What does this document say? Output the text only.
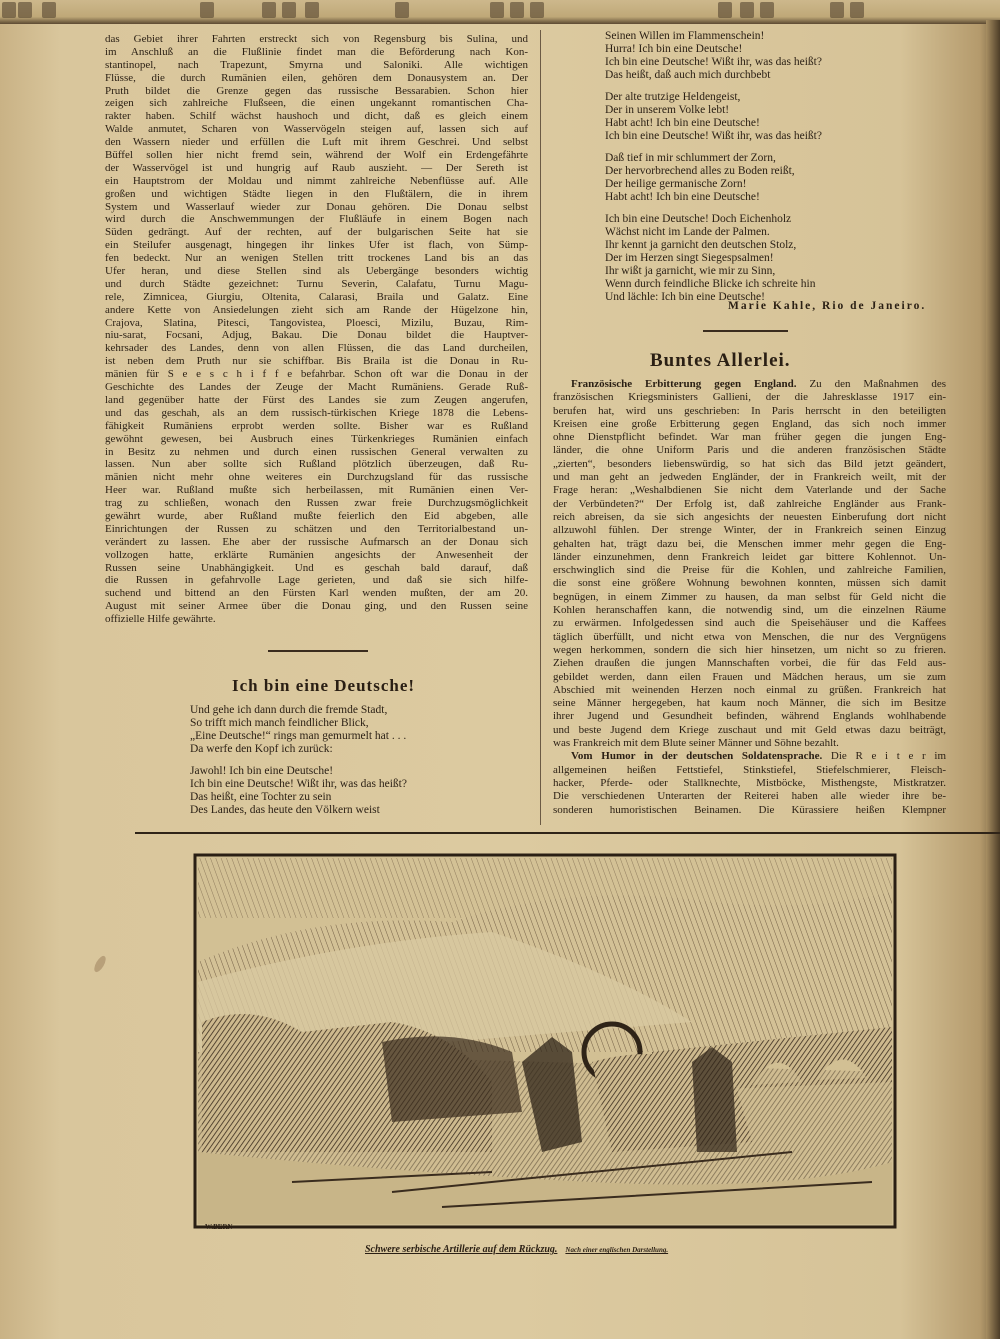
das Gebiet ihrer Fahrten erstreckt sich von Regensburg bis Sulina, und
im Anschluß an die Flußlinie findet man die Beförderung nach Kon-
stantinopel, nach Trapezunt, Smyrna und Saloniki. Alle wichtigen
Flüsse, die durch Rumänien eilen, gehören dem Donausystem an. Der
Pruth bildet die Grenze gegen das russische Bessarabien. Schon hier
zeigen sich zahlreiche Flußseen, die einen ungekannt romantischen Cha-
rakter haben. Schilf wächst haushoch und dicht, daß es gleich einem
Walde anmutet, Scharen von Wasservögeln steigen auf, lassen sich auf
den Wassern nieder und erfüllen die Luft mit ihrem Geschrei. Und selbst
Büffel sollen hier nicht fremd sein, während der Wolf ein Erdengefährte
der Wasservögel ist und hungrig auf Raub auszieht. — Der Sereth ist
ein Hauptstrom der Moldau und nimmt zahlreiche Nebenflüsse auf. Alle
großen und wichtigen Städte liegen in den Flußtälern, die in ihrem
System und Wasserlauf wieder zur Donau gehören. Die Donau selbst
wird durch die Anschwemmungen der Flußläufe in einem Bogen nach
Süden gedrängt. Auf der rechten, auf der bulgarischen Seite hat sie
ein Steilufer ausgenagt, hingegen ihr linkes Ufer ist flach, von Sümp-
fen bedeckt. Nur an wenigen Stellen tritt trockenes Land bis an das
Ufer heran, und diese Stellen sind als Uebergänge besonders wichtig
und durch Städte gezeichnet: Turnu Severin, Calafatu, Turnu Magu-
rele, Zimnicea, Giurgiu, Oltenita, Calarasi, Braila und Galatz. Eine
andere Kette von Ansiedelungen zieht sich am Rande der Hügelzone hin,
Crajova, Slatina, Pitesci, Tangovistea, Ploesci, Mizilu, Buzau, Rim-
niu-sarat, Focsani, Adjug, Bakau. Die Donau bildet die Hauptver-
kehrsader des Landes, denn von allen Flüssen, die das Land durcheilen,
ist neben dem Pruth nur sie schiffbar. Bis Braila ist die Donau in Ru-
mänien für S e e s c h i f f e befahrbar. Schon oft war die Donau in der
Geschichte des Landes der Zeuge der Macht Rumäniens. Gerade Ruß-
land gegenüber hatte der Fürst des Landes sie zum Zeugen angerufen,
und das geschah, als an dem russisch-türkischen Kriege 1878 die Lebens-
fähigkeit Rumäniens erprobt werden sollte. Bisher war es Rußland
gewöhnt gewesen, bei Ausbruch eines Türkenkrieges Rumänien einfach
in Besitz zu nehmen und durch einen russischen General verwalten zu
lassen. Nun aber sollte sich Rußland plötzlich überzeugen, daß Ru-
mänien nicht mehr ohne weiteres ein Durchzugsland für das russische
Heer war. Rußland mußte sich herbeilassen, mit Rumänien einen Ver-
trag zu schließen, wonach den Russen zwar freie Durchzugsmöglichkeit
gewährt wurde, aber Rußland mußte feierlich den Eid abgeben, alle
Einrichtungen der Russen zu schätzen und den Territorialbestand un-
verändert zu lassen. Ehe aber der russische Aufmarsch an der Donau sich
vollzogen hatte, erklärte Rumänien angesichts der Anwesenheit der
Russen seine Unabhängigkeit. Und es geschah bald darauf, daß
die Russen in gefahrvolle Lage gerieten, und daß sie sich hilfe-
suchend und bittend an den Fürsten Karl wenden mußten, der am 20.
August mit seiner Armee über die Donau ging, und den Russen seine
offizielle Hilfe gewährte.
Ich bin eine Deutsche!
Und gehe ich dann durch die fremde Stadt,
So trifft mich manch feindlicher Blick,
„Eine Deutsche!“ rings man gemurmelt hat . . .
Da werfe den Kopf ich zurück:
Jawohl! Ich bin eine Deutsche!
Ich bin eine Deutsche! Wißt ihr, was das heißt?
Das heißt, eine Tochter zu sein
Des Landes, das heute den Völkern weist
Seinen Willen im Flammenschein!
Hurra! Ich bin eine Deutsche!
Ich bin eine Deutsche! Wißt ihr, was das heißt?
Das heißt, daß auch mich durchbebt
Der alte trutzige Heldengeist,
Der in unserem Volke lebt!
Habt acht! Ich bin eine Deutsche!
Ich bin eine Deutsche! Wißt ihr, was das heißt?
Daß tief in mir schlummert der Zorn,
Der hervorbrechend alles zu Boden reißt,
Der heilige germanische Zorn!
Habt acht! Ich bin eine Deutsche!
Ich bin eine Deutsche! Doch Eichenholz
Wächst nicht im Lande der Palmen.
Ihr kennt ja garnicht den deutschen Stolz,
Der im Herzen singt Siegespsalmen!
Ihr wißt ja garnicht, wie mir zu Sinn,
Wenn durch feindliche Blicke ich schreite hin
Und lächle: Ich bin eine Deutsche!
Marie Kahle, Rio de Janeiro.
Buntes Allerlei.
Französische Erbitterung gegen England. Zu den Maßnahmen des
französischen Kriegsministers Gallieni, der die Jahresklasse 1917 ein-
berufen hat, wird uns geschrieben: In Paris herrscht in den beteiligten
Kreisen eine große Erbitterung gegen England, das sich noch immer
ohne Dienstpflicht befindet. War man früher gegen die jungen Eng-
länder, die ohne Uniform Paris und die anderen französischen Städte
„zierten“, besonders liebenswürdig, so hat sich das Bild jetzt geändert,
und man geht an jedweden Engländer, der in Frankreich weilt, mit der
Frage heran: „Weshalbdienen Sie nicht dem Vaterlande und der Sache
der Verbündeten?“ Der Erfolg ist, daß zahlreiche Engländer aus Frank-
reich abreisen, da sie sich angesichts der neuesten Einberufung dort nicht
allzuwohl fühlen. Der strenge Winter, der in Frankreich seinen Einzug
gehalten hat, trägt dazu bei, die Menschen immer mehr gegen die Eng-
länder einzunehmen, denn Frankreich leidet gar bittere Kohlennot. Un-
erschwinglich sind die Preise für die Kohlen, und zahlreiche Familien,
die sonst eine größere Wohnung bewohnen konnten, müssen sich damit
begnügen, in einem Zimmer zu hausen, da man selbst für Geld nicht die
Kohlen heranschaffen kann, die notwendig sind, um die einzelnen Räume
zu erwärmen. Infolgedessen sind auch die Speisehäuser und die Kaffees
täglich überfüllt, und nicht etwa von Menschen, die nur des Vergnügens
wegen herkommen, sondern die sich hier hinsetzen, um nicht so zu frieren.
Ziehen draußen die jungen Mannschaften vorbei, die für das Feld aus-
gebildet werden, dann eilen Frauen und Mädchen heraus, um sie zum
Abschied mit weinenden Herzen noch einmal zu grüßen. Frankreich hat
seine Männer hergegeben, hat kaum noch Männer, die sich im Besitze
ihrer Jugend und Gesundheit befinden, während Englands wohlhabende
und beste Jugend dem Kriege zuschaut und mit Geld etwas dazu beiträgt,
was Frankreich mit dem Blute seiner Männer und Söhne bezahlt.
Vom Humor in der deutschen Soldatensprache. Die R e i t e r im
allgemeinen heißen Fettstiefel, Stinkstiefel, Stiefelschmierer, Fleisch-
hacker, Pferde- oder Stallknechte, Mistböcke, Misthengste, Mistkratzer.
Die verschiedenen Unterarten der Reiterei haben alle wieder ihre be-
sonderen humoristischen Beinamen. Die Kürassiere heißen Klempner
W.BERN
Schwere serbische Artillerie auf dem Rückzug. Nach einer englischen Darstellung.
